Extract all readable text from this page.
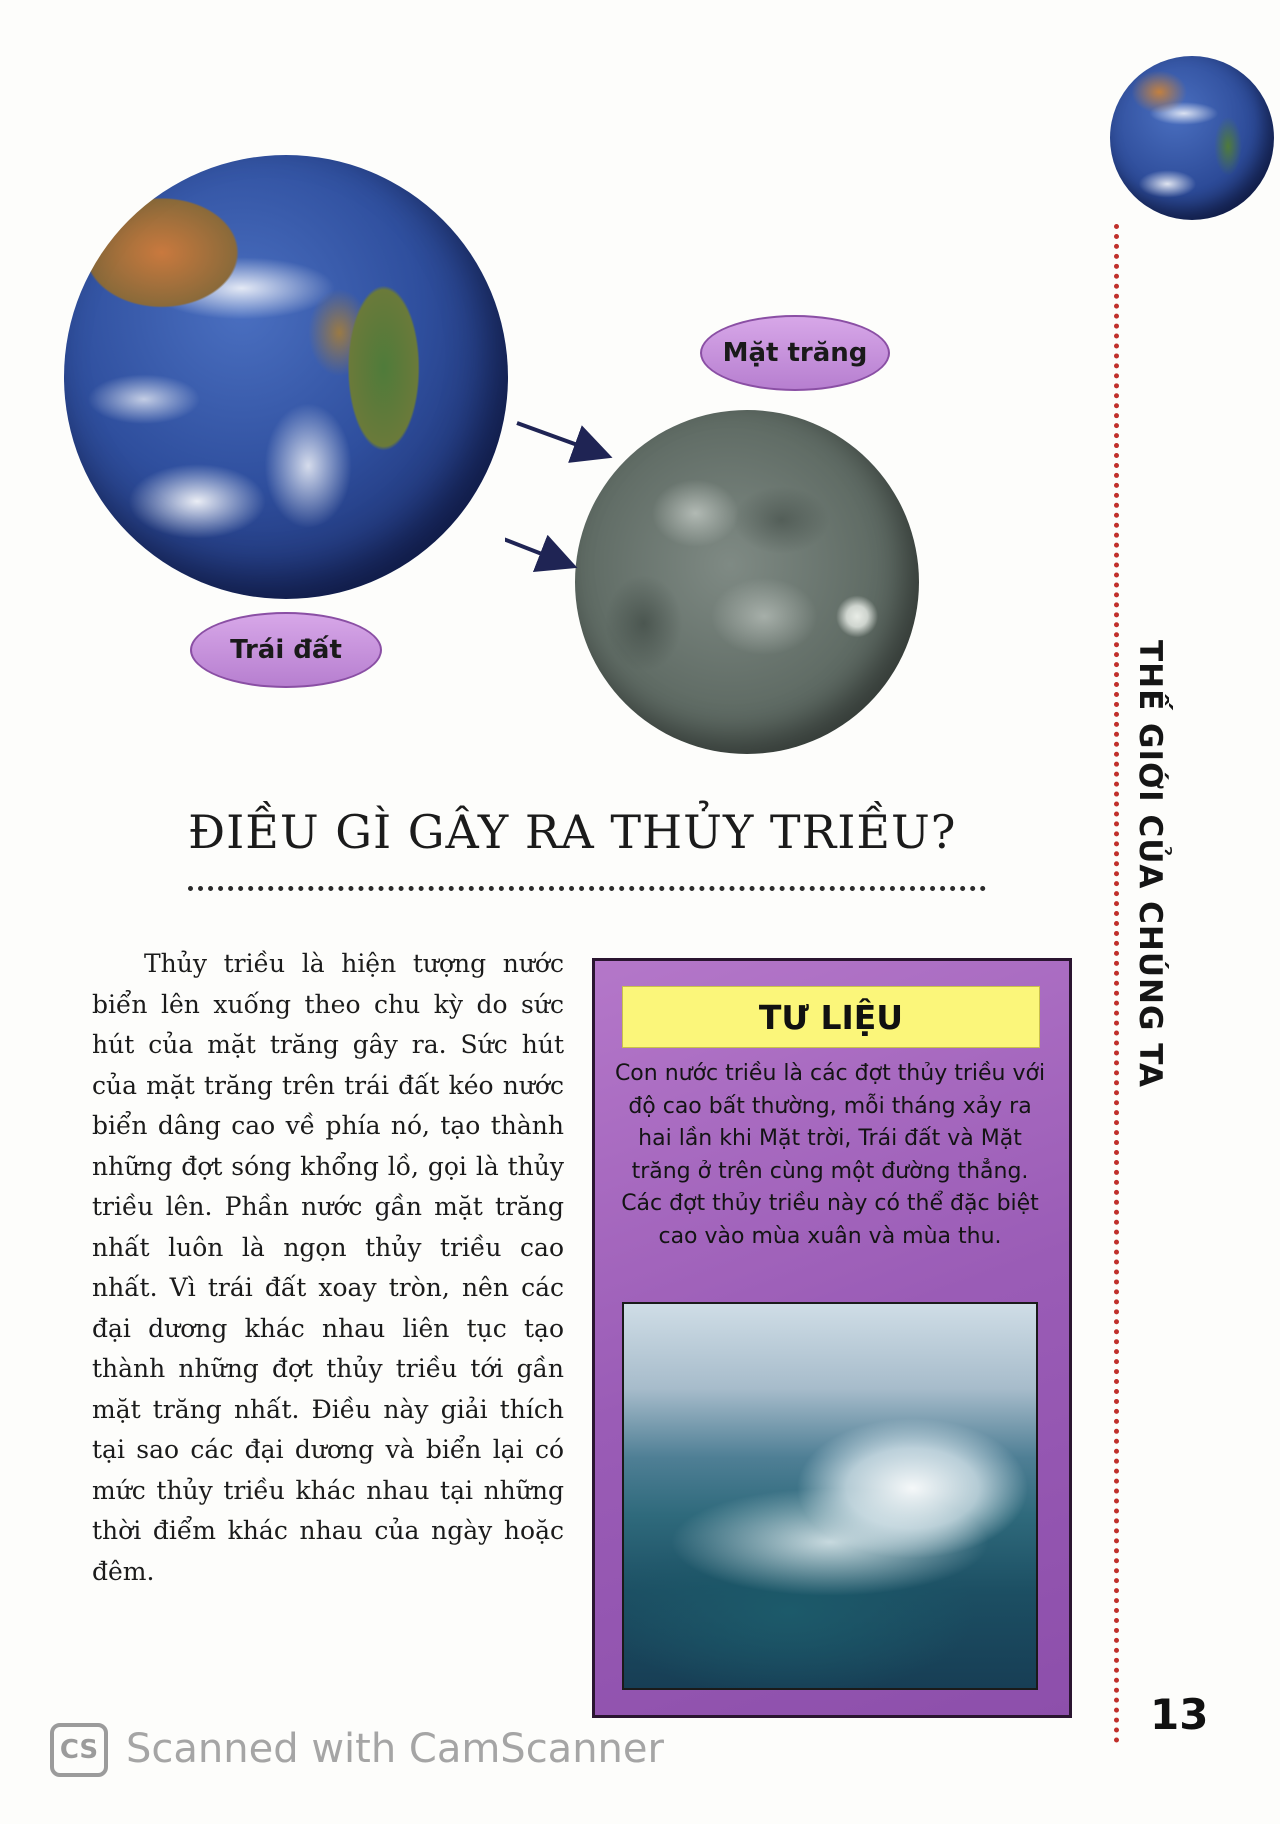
Trái đất
Mặt trăng
ĐIỀU GÌ GÂY RA THỦY TRIỀU?
Thủy triều là hiện tượng nước biển lên xuống theo chu kỳ do sức hút của mặt trăng gây ra. Sức hút của mặt trăng trên trái đất kéo nước biển dâng cao về phía nó, tạo thành những đợt sóng khổng lồ, gọi là thủy triều lên. Phần nước gần mặt trăng nhất luôn là ngọn thủy triều cao nhất. Vì trái đất xoay tròn, nên các đại dương khác nhau liên tục tạo thành những đợt thủy triều tới gần mặt trăng nhất. Điều này giải thích tại sao các đại dương và biển lại có mức thủy triều khác nhau tại những thời điểm khác nhau của ngày hoặc đêm.
TƯ LIỆU
Con nước triều là các đợt thủy triều với độ cao bất thường, mỗi tháng xảy ra hai lần khi Mặt trời, Trái đất và Mặt trăng ở trên cùng một đường thẳng. Các đợt thủy triều này có thể đặc biệt cao vào mùa xuân và mùa thu.
THẾ GIỚI CỦA CHÚNG TA
13
CS Scanned with CamScanner
